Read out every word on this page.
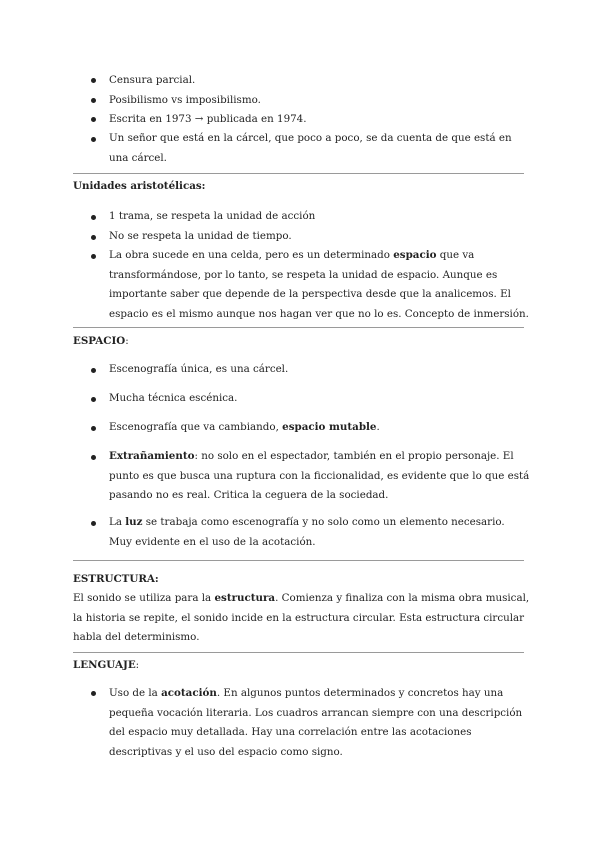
Censura parcial.
Posibilismo vs imposibilismo.
Escrita en 1973 → publicada en 1974.
Un señor que está en la cárcel, que poco a poco, se da cuenta de que está en una cárcel.
Unidades aristotélicas:
1 trama, se respeta la unidad de acción
No se respeta la unidad de tiempo.
La obra sucede en una celda, pero es un determinado espacio que va transformándose, por lo tanto, se respeta la unidad de espacio. Aunque es importante saber que depende de la perspectiva desde que la analicemos. El espacio es el mismo aunque nos hagan ver que no lo es. Concepto de inmersión.
ESPACIO:
Escenografía única, es una cárcel.
Mucha técnica escénica.
Escenografía que va cambiando, espacio mutable.
Extrañamiento: no solo en el espectador, también en el propio personaje. El punto es que busca una ruptura con la ficcionalidad, es evidente que lo que está pasando no es real. Critica la ceguera de la sociedad.
La luz se trabaja como escenografía y no solo como un elemento necesario. Muy evidente en el uso de la acotación.
ESTRUCTURA:
El sonido se utiliza para la estructura. Comienza y finaliza con la misma obra musical, la historia se repite, el sonido incide en la estructura circular. Esta estructura circular habla del determinismo.
LENGUAJE:
Uso de la acotación. En algunos puntos determinados y concretos hay una pequeña vocación literaria. Los cuadros arrancan siempre con una descripción del espacio muy detallada. Hay una correlación entre las acotaciones descriptivas y el uso del espacio como signo.
